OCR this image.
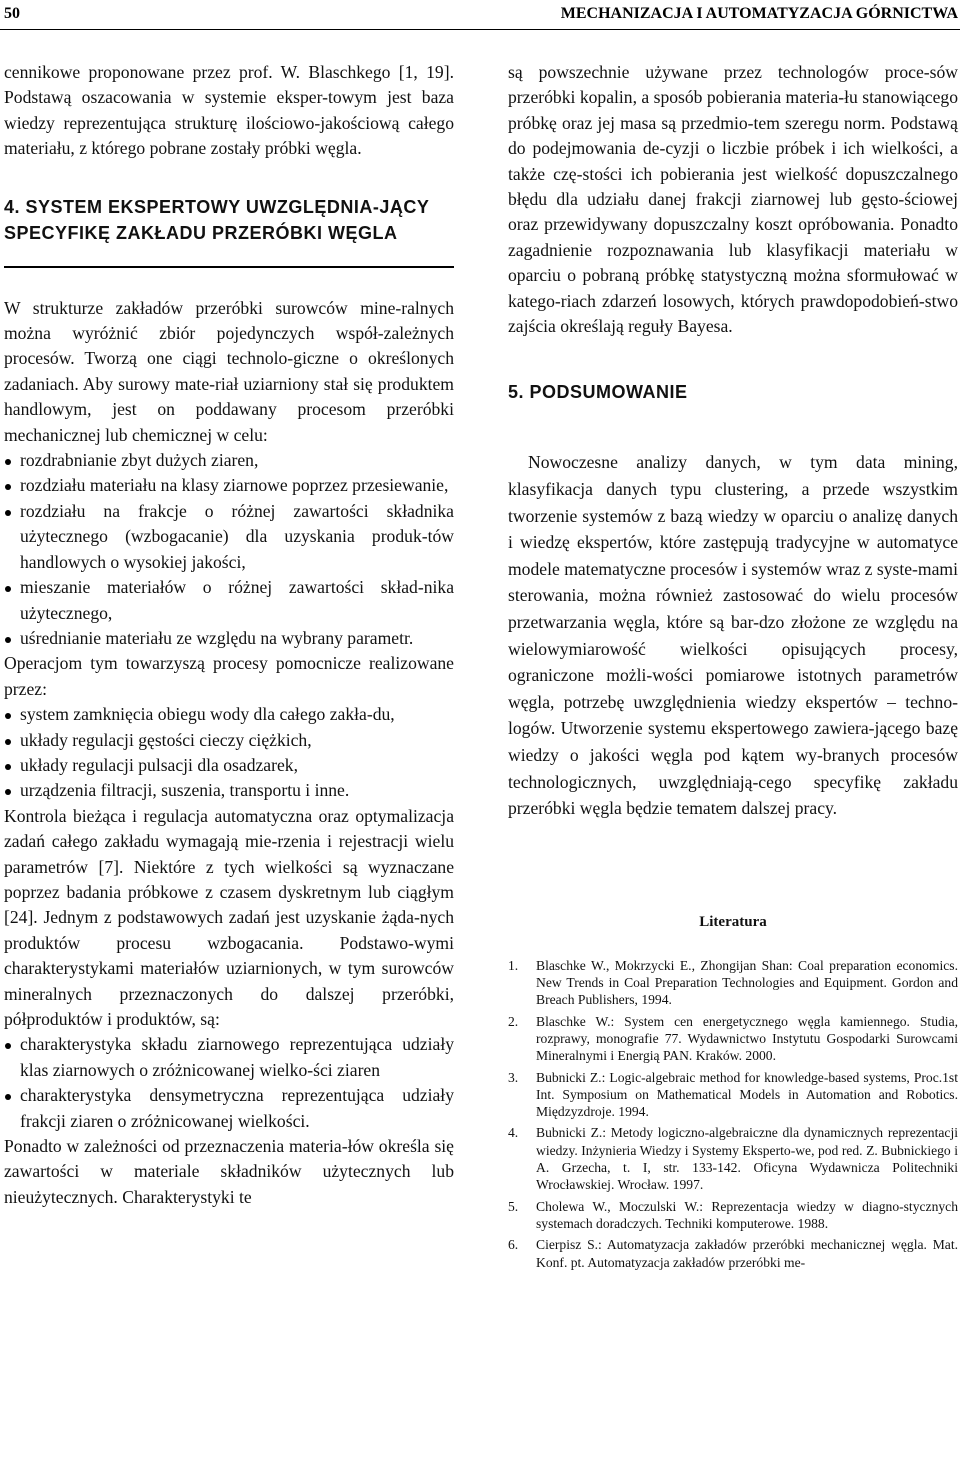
50	MECHANIZACJA I AUTOMATYZACJA GÓRNICTWA

cennikowe proponowane przez prof. W. Blaschkego [1, 19]. Podstawą oszacowania w systemie eksper-towym jest baza wiedzy reprezentująca strukturę ilościowo-jakościową całego materiału, z którego pobrane zostały próbki węgla.

4. SYSTEM EKSPERTOWY UWZGLĘDNIA-JĄCY SPECYFIKĘ ZAKŁADU PRZERÓBKI WĘGLA

W strukturze zakładów przeróbki surowców mine-ralnych można wyróżnić zbiór pojedynczych współ-zależnych procesów. Tworzą one ciągi technolo-giczne o określonych zadaniach. Aby surowy mate-riał uziarniony stał się produktem handlowym, jest on poddawany procesom przeróbki mechanicznej lub chemicznej w celu:

rozdrabnianie zbyt dużych ziaren,
rozdziału materiału na klasy ziarnowe poprzez przesiewanie,
rozdziału na frakcje o różnej zawartości składnika użytecznego (wzbogacanie) dla uzyskania produk-tów handlowych o wysokiej jakości,
mieszanie materiałów o różnej zawartości skład-nika użytecznego,
uśrednianie materiału ze względu na wybrany parametr.

Operacjom tym towarzyszą procesy pomocnicze realizowane przez:

system zamknięcia obiegu wody dla całego zakła-du,
układy regulacji gęstości cieczy ciężkich,
układy regulacji pulsacji dla osadzarek,
urządzenia filtracji, suszenia, transportu i inne.

Kontrola bieżąca i regulacja automatyczna oraz optymalizacja zadań całego zakładu wymagają mie-rzenia i rejestracji wielu parametrów [7]. Niektóre z tych wielkości są wyznaczane poprzez badania próbkowe z czasem dyskretnym lub ciągłym [24]. Jednym z podstawowych zadań jest uzyskanie żąda-nych produktów procesu wzbogacania. Podstawo-wymi charakterystykami materiałów uziarnionych, w tym surowców mineralnych przeznaczonych do dalszej przeróbki, półproduktów i produktów, są:

charakterystyka składu ziarnowego reprezentująca udziały klas ziarnowych o zróżnicowanej wielko-ści ziaren
charakterystyka densymetryczna reprezentująca udziały frakcji ziaren o zróżnicowanej wielkości.

Ponadto w zależności od przeznaczenia materia-łów określa się zawartości w materiale składników użytecznych lub nieużytecznych. Charakterystyki te

są powszechnie używane przez technologów proce-sów przeróbki kopalin, a sposób pobierania materia-łu stanowiącego próbkę oraz jej masa są przedmio-tem szeregu norm. Podstawą do podejmowania de-cyzji o liczbie próbek i ich wielkości, a także czę-stości ich pobierania jest wielkość dopuszczalnego błędu dla udziału danej frakcji ziarnowej lub gęsto-ściowej oraz przewidywany dopuszczalny koszt opróbowania. Ponadto zagadnienie rozpoznawania lub klasyfikacji materiału w oparciu o pobraną próbkę statystyczną można sformułować w katego-riach zdarzeń losowych, których prawdopodobień-stwo zajścia określają reguły Bayesa.

5. PODSUMOWANIE

Nowoczesne analizy danych, w tym data mining, klasyfikacja danych typu clustering, a przede wszystkim tworzenie systemów z bazą wiedzy w oparciu o analizę danych i wiedzę ekspertów, które zastępują tradycyjne w automatyce modele matematyczne procesów i systemów wraz z syste-mami sterowania, można również zastosować do wielu procesów przetwarzania węgla, które są bar-dzo złożone ze względu na wielowymiarowość wielkości opisujących procesy, ograniczone możli-wości pomiarowe istotnych parametrów węgla, potrzebę uwzględnienia wiedzy ekspertów – techno-logów. Utworzenie systemu ekspertowego zawiera-jącego bazę wiedzy o jakości węgla pod kątem wy-branych procesów technologicznych, uwzględniają-cego specyfikę zakładu przeróbki węgla będzie tematem dalszej pracy.

Literatura
1.	Blaschke W., Mokrzycki E., Zhongijan Shan: Coal preparation economics. New Trends in Coal Preparation Technologies and Equipment. Gordon and Breach Publishers, 1994.
2.	Blaschke W.: System cen energetycznego węgla kamiennego. Studia, rozprawy, monografie 77. Wydawnictwo Instytutu Gospodarki Surowcami Mineralnymi i Energią PAN. Kraków. 2000.
3.	Bubnicki Z.: Logic-algebraic method for knowledge-based systems, Proc.1st Int. Symposium on Mathematical Models in Automation and Robotics. Międzyzdroje. 1994.
4.	Bubnicki Z.: Metody logiczno-algebraiczne dla dynamicznych reprezentacji wiedzy. Inżynieria Wiedzy i Systemy Eksperto-we, pod red. Z. Bubnickiego i A. Grzecha, t. I, str. 133-142. Oficyna Wydawnicza Politechniki Wrocławskiej. Wrocław. 1997.
5.	Cholewa W., Moczulski W.: Reprezentacja wiedzy w diagno-stycznych systemach doradczych. Techniki komputerowe. 1988.
6.	Cierpisz S.: Automatyzacja zakładów przeróbki mechanicznej węgla. Mat. Konf. pt. Automatyzacja zakładów przeróbki me-
